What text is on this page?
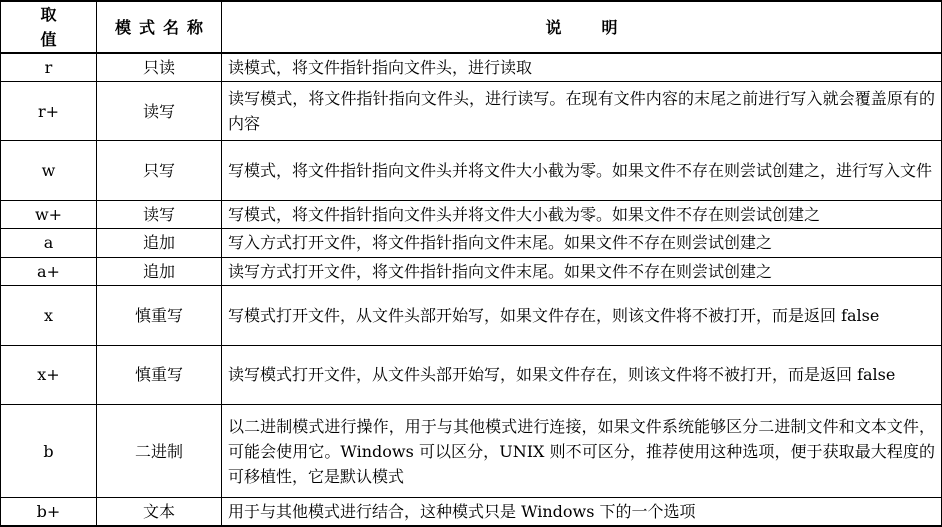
取值	模式名称	说明
r	只读	读模式，将文件指针指向文件头，进行读取
r+	读写	读写模式，将文件指针指向文件头，进行读写。在现有文件内容的末尾之前进行写入就会覆盖原有的内容
w	只写	写模式，将文件指针指向文件头并将文件大小截为零。如果文件不存在则尝试创建之，进行写入文件
w+	读写	写模式，将文件指针指向文件头并将文件大小截为零。如果文件不存在则尝试创建之
a	追加	写入方式打开文件，将文件指针指向文件末尾。如果文件不存在则尝试创建之
a+	追加	读写方式打开文件，将文件指针指向文件末尾。如果文件不存在则尝试创建之
x	慎重写	写模式打开文件，从文件头部开始写，如果文件存在，则该文件将不被打开，而是返回 false
x+	慎重写	读写模式打开文件，从文件头部开始写，如果文件存在，则该文件将不被打开，而是返回 false
b	二进制	以二进制模式进行操作，用于与其他模式进行连接，如果文件系统能够区分二进制文件和文本文件，可能会使用它。Windows 可以区分，UNIX 则不可区分，推荐使用这种选项，便于获取最大程度的可移植性，它是默认模式
b+	文本	用于与其他模式进行结合，这种模式只是 Windows 下的一个选项
